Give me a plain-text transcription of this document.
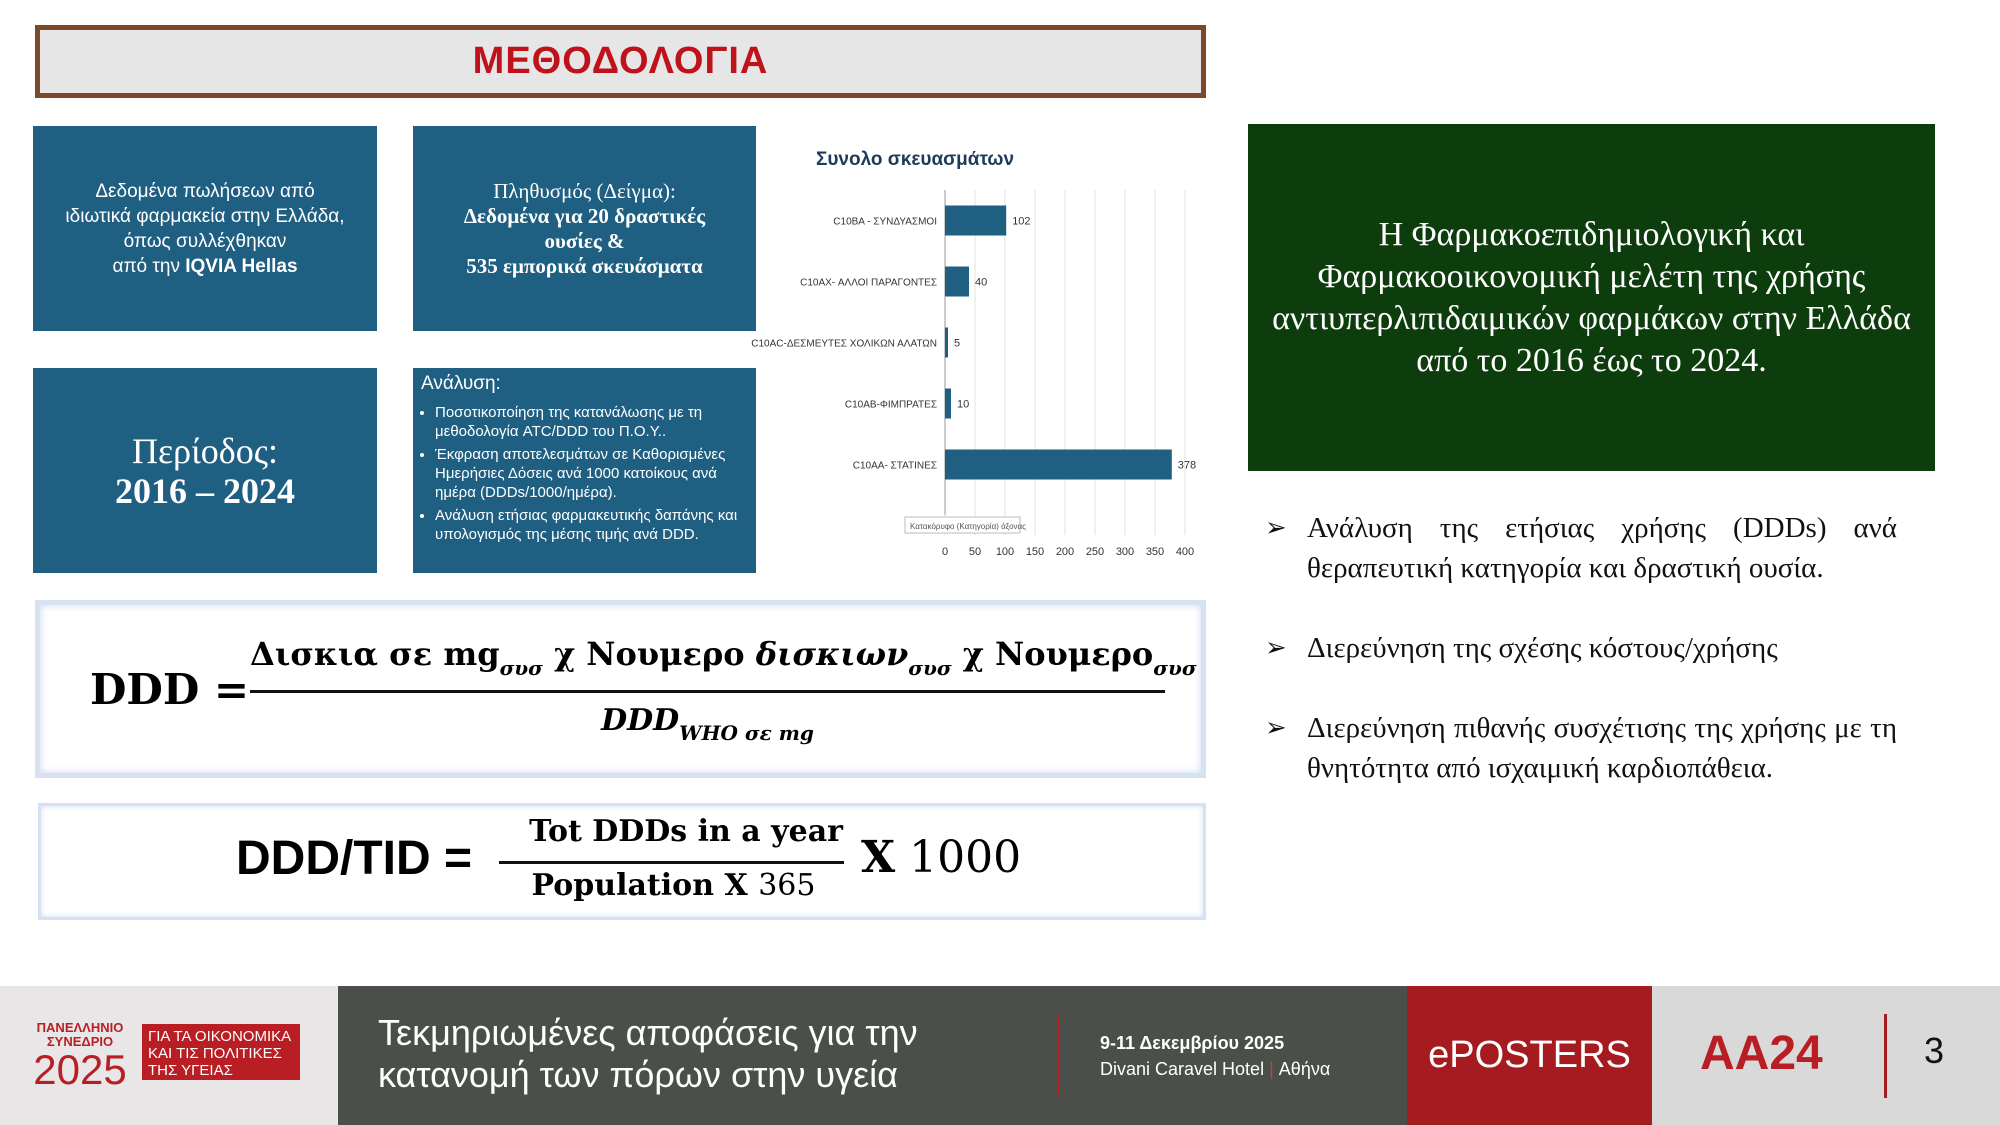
ΜΕΘΟΔΟΛΟΓΙΑ
Δεδομένα πωλήσεων από
ιδιωτικά φαρμακεία στην Ελλάδα,
όπως συλλέχθηκαν
από την IQVIA Hellas
Πληθυσμός (Δείγμα):
Δεδομένα για 20 δραστικές
ουσίες &
535 εμπορικά σκευάσματα
Περίοδος:
2016 – 2024
Ανάλυση:
• Ποσοτικοποίηση της κατανάλωσης με τη μεθοδολογία ATC/DDD του Π.Ο.Υ..
• Έκφραση αποτελεσμάτων σε Καθορισμένες Ημερήσιες Δόσεις ανά 1000 κατοίκους ανά ημέρα (DDDs/1000/ημέρα).
• Ανάλυση ετήσιας φαρμακευτικής δαπάνης και υπολογισμός της μέσης τιμής ανά DDD.
Συνολο σκευασμάτων
0 50 100 150 200 250 300 350 400
C10BA - ΣΥΝΔΥΑΣΜΟΙ	102
C10AX- ΑΛΛΟΙ ΠΑΡΑΓΟΝΤΕΣ	40
C10AC-ΔΕΣΜΕΥΤΕΣ ΧΟΛΙΚΩΝ ΑΛΑΤΩΝ 5
C10AB-ΦΙΜΠΡΑΤΕΣ 10
C10AA- ΣΤΑΤΙΝΕΣ	378
Κατακόρυφο (Κατηγορία) άξονας
Η Φαρμακοεπιδημιολογική και Φαρμακοοικονομική μελέτη της χρήσης αντιυπερλιπιδαιμικών φαρμάκων στην Ελλάδα από το 2016 έως το 2024.
➢ Ανάλυση της ετήσιας χρήσης (DDDs) ανά θεραπευτική κατηγορία και δραστική ουσία.
➢ Διερεύνηση της σχέσης κόστους/χρήσης
➢ Διερεύνηση πιθανής συσχέτισης της χρήσης με τη θνητότητα από ισχαιμική καρδιοπάθεια.
DDD =
Δισκια σε $mg_{\sigma\upsilon\sigma}$ χ Νουμερο δισκιων$_{\sigma\upsilon\sigma}$ χ Νουμερο$_{\sigma\upsilon\sigma}$
$DDD_{WHO \sigma\varepsilon mg}$
DDD/TID =
Tot DDDs in a year
Population X 365
X 1000
ΠΑΝΕΛΛΗΝΙΟ ΣΥΝΕΔΡΙΟ
2025
ΓΙΑ ΤΑ ΟΙΚΟΝΟΜΙΚΑ ΚΑΙ ΤΙΣ ΠΟΛΙΤΙΚΕΣ ΤΗΣ ΥΓΕΙΑΣ
Τεκμηριωμένες αποφάσεις για την
κατανομή των πόρων στην υγεία
9-11 Δεκεμβρίου 2025
Divani Caravel Hotel | Αθήνα	ePOSTERS	ΑΑ24	3
